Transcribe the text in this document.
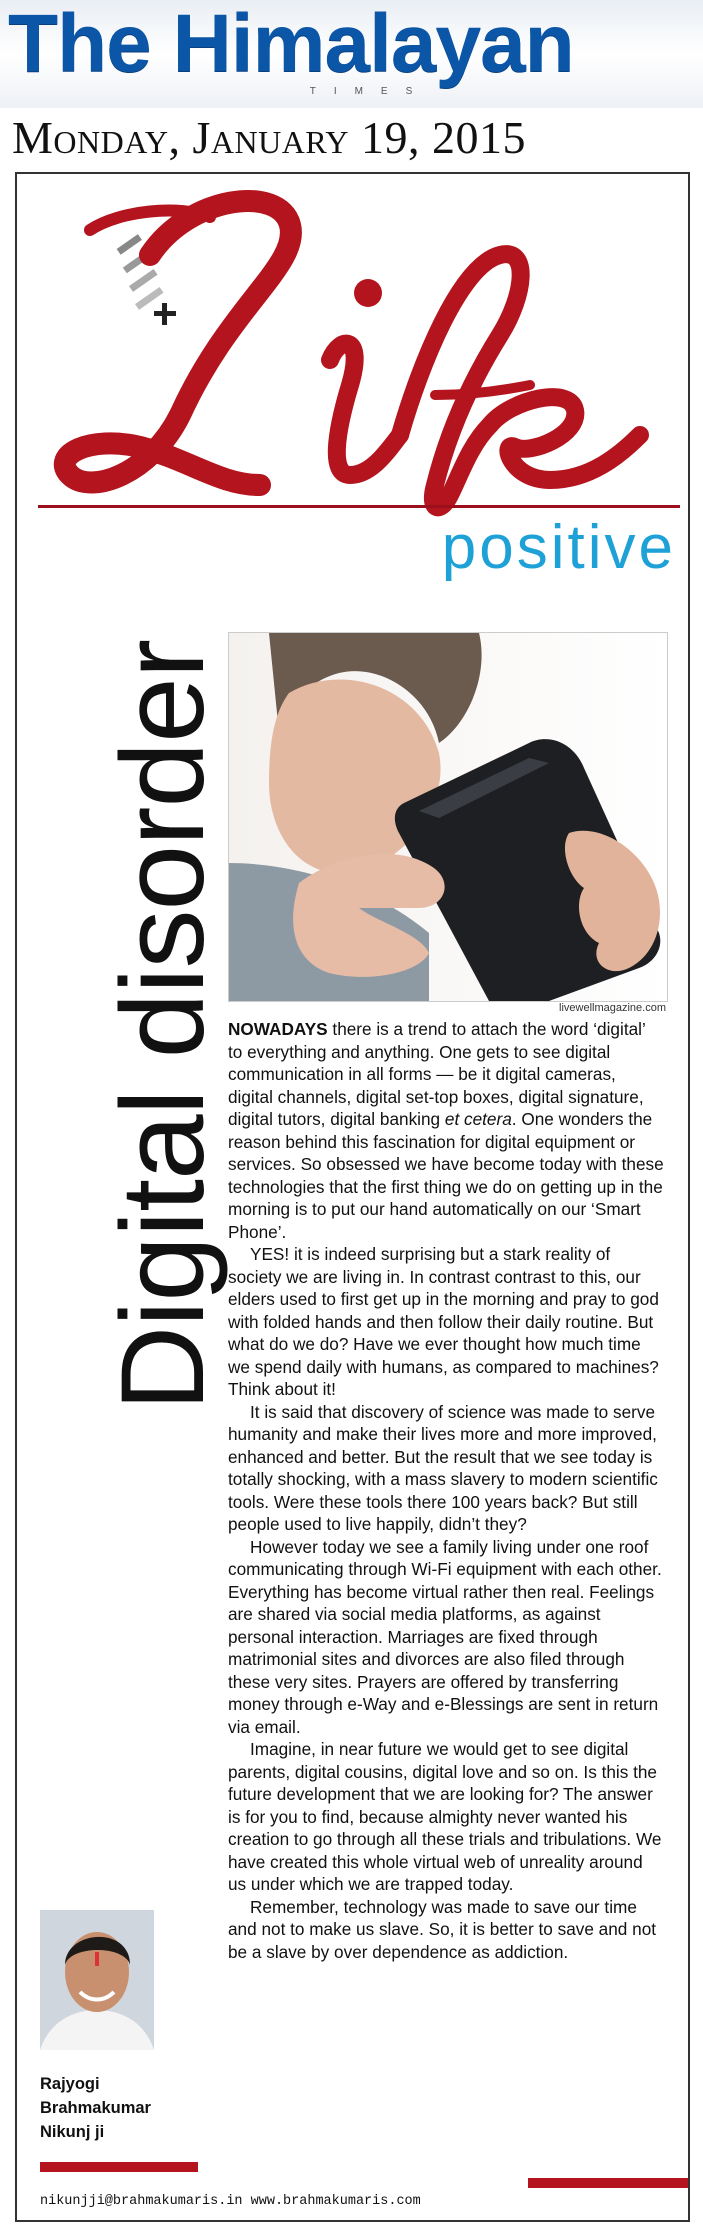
The Himalayan
TIMES
Monday, January 19, 2015
Life
positive
Digital disorder	livewellmagazine.com

NOWADAYS there is a trend to attach the word ‘digital’ to everything and anything. One gets to see digital communication in all forms — be it digital cameras, digital channels, digital set-top boxes, digital signature, digital tutors, digital banking et cetera. One wonders the reason behind this fascination for digital equipment or services. So obsessed we have become today with these technologies that the first thing we do on getting up in the morning is to put our hand automatically on our ‘Smart Phone’.

YES! it is indeed surprising but a stark reality of society we are living in. In contrast contrast to this, our elders used to first get up in the morning and pray to god with folded hands and then follow their daily routine. But what do we do? Have we ever thought how much time we spend daily with humans, as compared to machines? Think about it!

It is said that discovery of science was made to serve humanity and make their lives more and more improved, enhanced and better. But the result that we see today is totally shocking, with a mass slavery to modern scientific tools. Were these tools there 100 years back? But still people used to live happily, didn’t they?

However today we see a family living under one roof communicating through Wi-Fi equipment with each other. Everything has become virtual rather then real. Feelings are shared via social media platforms, as against personal interaction. Marriages are fixed through matrimonial sites and divorces are also filed through these very sites. Prayers are offered by transferring money through e-Way and e-Blessings are sent in return via email.

Imagine, in near future we would get to see digital parents, digital cousins, digital love and so on. Is this the future development that we are looking for? The answer is for you to find, because almighty never wanted his creation to go through all these trials and tribulations. We have created this whole virtual web of unreality around us under which we are trapped today.

Remember, technology was made to save our time and not to make us slave. So, it is better to save and not be a slave by over dependence as addiction.

Rajyogi
Brahmakumar
Nikunj ji
nikunjji@brahmakumaris.in www.brahmakumaris.com
